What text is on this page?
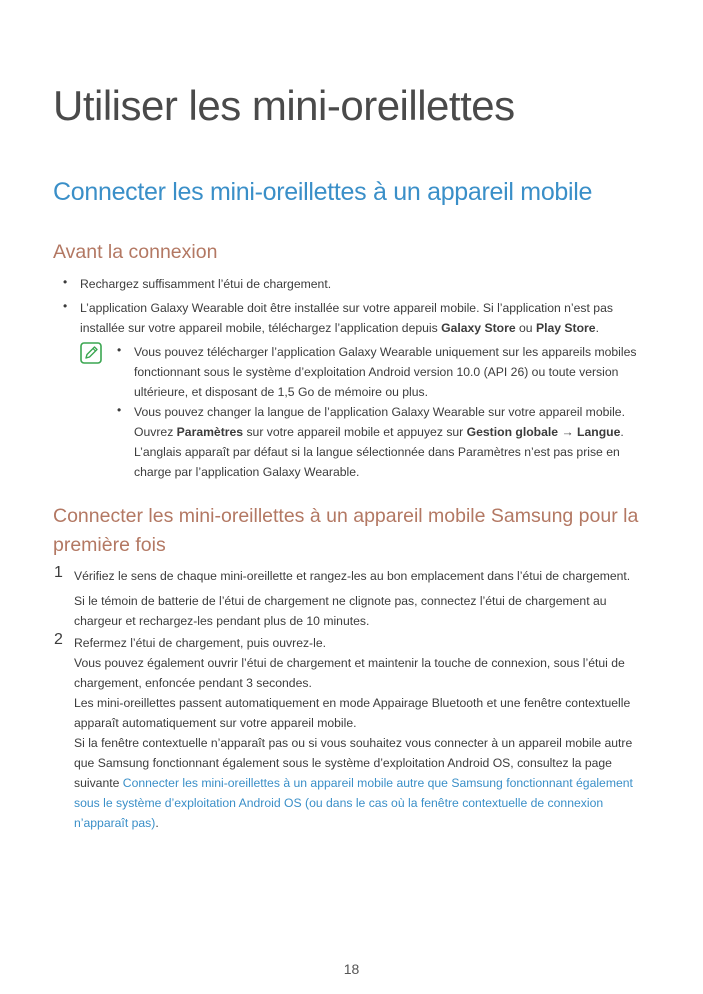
Utiliser les mini-oreillettes
Connecter les mini-oreillettes à un appareil mobile
Avant la connexion
• Rechargez suffisamment l’étui de chargement.
• L’application Galaxy Wearable doit être installée sur votre appareil mobile. Si l’application n’est pas installée sur votre appareil mobile, téléchargez l’application depuis Galaxy Store ou Play Store.
• Vous pouvez télécharger l’application Galaxy Wearable uniquement sur les appareils mobiles fonctionnant sous le système d’exploitation Android version 10.0 (API 26) ou toute version ultérieure, et disposant de 1,5 Go de mémoire ou plus.
• Vous pouvez changer la langue de l’application Galaxy Wearable sur votre appareil mobile.
Ouvrez Paramètres sur votre appareil mobile et appuyez sur Gestion globale → Langue.
L’anglais apparaît par défaut si la langue sélectionnée dans Paramètres n’est pas prise en charge par l’application Galaxy Wearable.
Connecter les mini-oreillettes à un appareil mobile Samsung pour la première fois
1 Vérifiez le sens de chaque mini-oreillette et rangez-les au bon emplacement dans l’étui de chargement.
Si le témoin de batterie de l’étui de chargement ne clignote pas, connectez l’étui de chargement au chargeur et rechargez-les pendant plus de 10 minutes.
2 Refermez l’étui de chargement, puis ouvrez-le.
Vous pouvez également ouvrir l’étui de chargement et maintenir la touche de connexion, sous l’étui de chargement, enfoncée pendant 3 secondes.
Les mini-oreillettes passent automatiquement en mode Appairage Bluetooth et une fenêtre contextuelle apparaît automatiquement sur votre appareil mobile.
Si la fenêtre contextuelle n’apparaît pas ou si vous souhaitez vous connecter à un appareil mobile autre que Samsung fonctionnant également sous le système d’exploitation Android OS, consultez la page suivante Connecter les mini-oreillettes à un appareil mobile autre que Samsung fonctionnant également sous le système d’exploitation Android OS (ou dans le cas où la fenêtre contextuelle de connexion n’apparaît pas).
18
